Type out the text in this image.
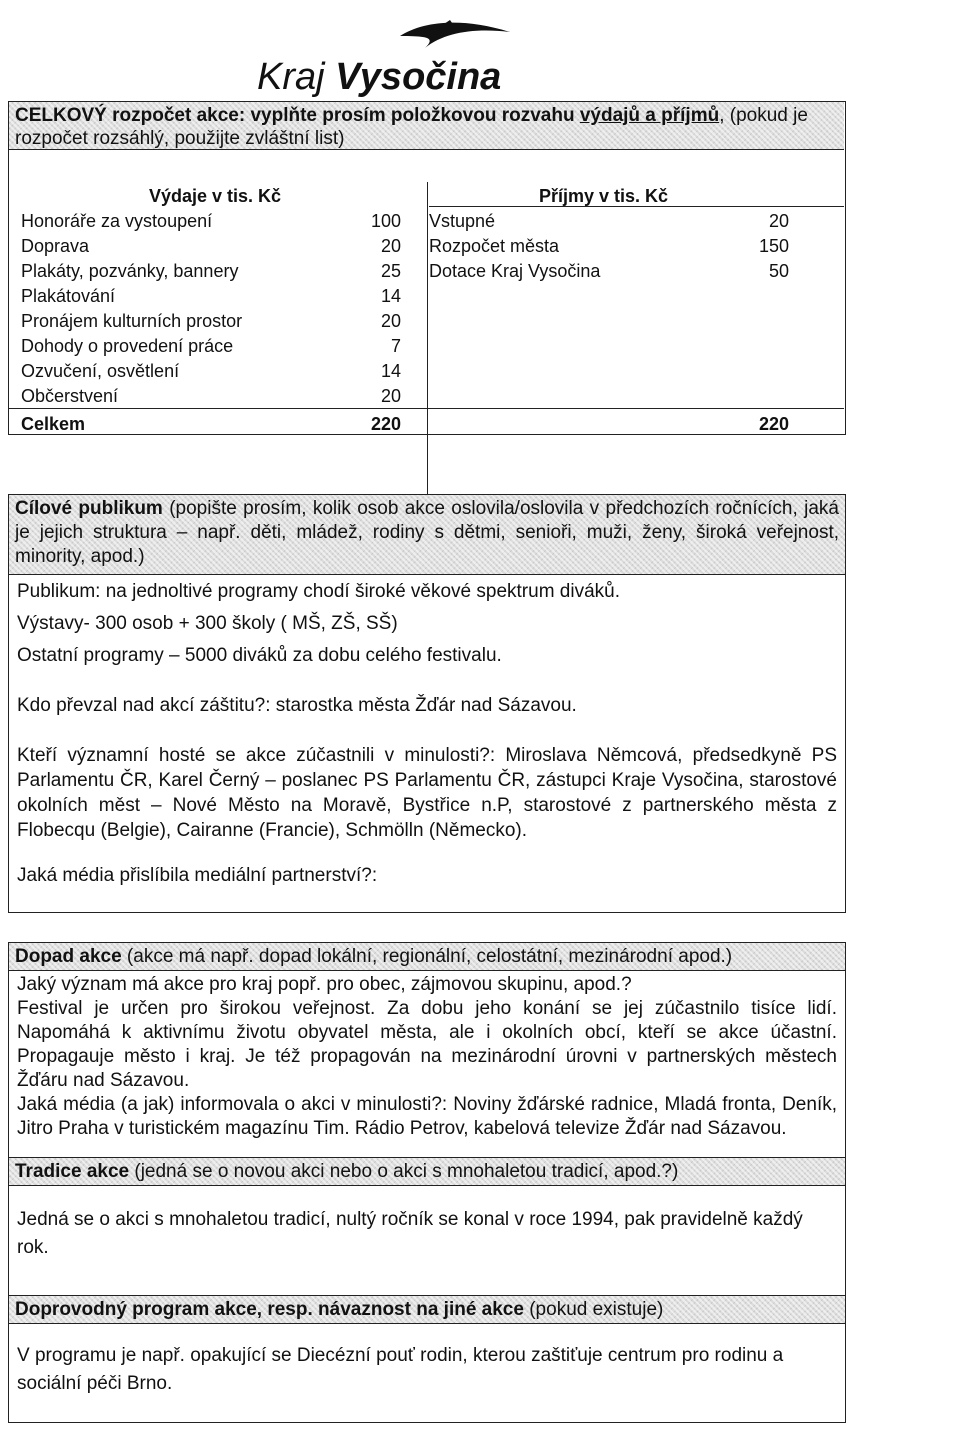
Kraj Vysočina
CELKOVÝ rozpočet akce: vyplňte prosím položkovou rozvahu výdajů a příjmů, (pokud je rozpočet rozsáhlý, použijte zvláštní list)
Výdaje v tis. Kč	Příjmy v tis. Kč
Honoráře za vystoupení	100
Doprava	20
Plakáty, pozvánky, bannery	25
Plakátování	14
Pronájem kulturních prostor	20
Dohody o provedení práce	7
Ozvučení, osvětlení	14
Občerstvení	20
Vstupné	20
Rozpočet města	150
Dotace Kraj Vysočina	50
Celkem	220	220
Cílové publikum (popište prosím, kolik osob akce oslovila/oslovila v předchozích ročnících, jaká je jejich struktura – např. děti, mládež, rodiny s dětmi, senioři, muži, ženy, široká veřejnost, minority, apod.)

Publikum: na jednoltivé programy chodí široké věkové spektrum diváků.

Výstavy- 300 osob + 300 školy ( MŠ, ZŠ, SŠ)

Ostatní programy – 5000 diváků za dobu celého festivalu.

Kdo převzal nad akcí záštitu?: starostka města Žďár nad Sázavou.

Kteří významní hosté se akce zúčastnili v minulosti?: Miroslava Němcová, předsedkyně PS Parlamentu ČR, Karel Černý – poslanec PS Parlamentu ČR, zástupci Kraje Vysočina, starostové okolních měst – Nové Město na Moravě, Bystřice n.P, starostové z partnerského města z Flobecqu (Belgie), Cairanne (Francie), Schmölln (Německo).

Jaká média přislíbila mediální partnerství?:

Dopad akce (akce má např. dopad lokální, regionální, celostátní, mezinárodní apod.)

Jaký význam má akce pro kraj popř. pro obec, zájmovou skupinu, apod.?

Festival je určen pro širokou veřejnost. Za dobu jeho konání se jej zúčastnilo tisíce lidí. Napomáhá k aktivnímu životu obyvatel města, ale i okolních obcí, kteří se akce účastní. Propagauje město i kraj. Je též propagován na mezinárodní úrovni v partnerských městech Žďáru nad Sázavou.

Jaká média (a jak) informovala o akci v minulosti?: Noviny žďárské radnice, Mladá fronta, Deník, Jitro Praha v turistickém magazínu Tim. Rádio Petrov, kabelová televize Žďár nad Sázavou.

Tradice akce (jedná se o novou akci nebo o akci s mnohaletou tradicí, apod.?)

Jedná se o akci s mnohaletou tradicí, nultý ročník se konal v roce 1994, pak pravidelně každý rok.

Doprovodný program akce, resp. návaznost na jiné akce (pokud existuje)

V programu je např. opakující se Diecézní pouť rodin, kterou zaštiťuje centrum pro rodinu a sociální péči Brno.
